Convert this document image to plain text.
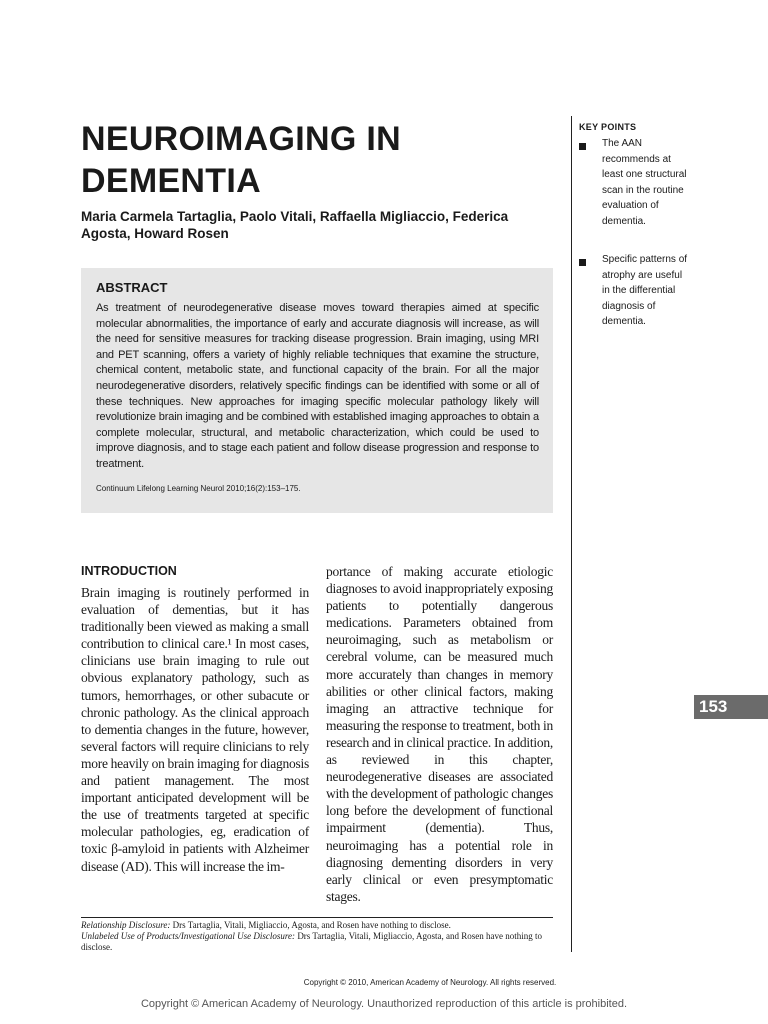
NEUROIMAGING IN DEMENTIA
Maria Carmela Tartaglia, Paolo Vitali, Raffaella Migliaccio, Federica Agosta, Howard Rosen
ABSTRACT
As treatment of neurodegenerative disease moves toward therapies aimed at specific molecular abnormalities, the importance of early and accurate diagnosis will increase, as will the need for sensitive measures for tracking disease progression. Brain imaging, using MRI and PET scanning, offers a variety of highly reliable techniques that examine the structure, chemical content, metabolic state, and functional capacity of the brain. For all the major neurodegenerative disorders, relatively specific findings can be identified with some or all of these techniques. New approaches for imaging specific molecular pathology likely will revolutionize brain imaging and be combined with established imaging approaches to obtain a complete molecular, structural, and metabolic characterization, which could be used to improve diagnosis, and to stage each patient and follow disease progression and response to treatment.
Continuum Lifelong Learning Neurol 2010;16(2):153–175.
KEY POINTS
The AAN recommends at least one structural scan in the routine evaluation of dementia.
Specific patterns of atrophy are useful in the differential diagnosis of dementia.
153
INTRODUCTION
Brain imaging is routinely performed in evaluation of dementias, but it has traditionally been viewed as making a small contribution to clinical care.¹ In most cases, clinicians use brain imaging to rule out obvious explanatory pathology, such as tumors, hemorrhages, or other subacute or chronic pathology. As the clinical approach to dementia changes in the future, however, several factors will require clinicians to rely more heavily on brain imaging for diagnosis and patient management. The most important anticipated development will be the use of treatments targeted at specific molecular pathologies, eg, eradication of toxic β-amyloid in patients with Alzheimer disease (AD). This will increase the im-
portance of making accurate etiologic diagnoses to avoid inappropriately exposing patients to potentially dangerous medications. Parameters obtained from neuroimaging, such as metabolism or cerebral volume, can be measured much more accurately than changes in memory abilities or other clinical factors, making imaging an attractive technique for measuring the response to treatment, both in research and in clinical practice. In addition, as reviewed in this chapter, neurodegenerative diseases are associated with the development of pathologic changes long before the development of functional impairment (dementia). Thus, neuroimaging has a potential role in diagnosing dementing disorders in very early clinical or even presymptomatic stages.
Relationship Disclosure: Drs Tartaglia, Vitali, Migliaccio, Agosta, and Rosen have nothing to disclose.
Unlabeled Use of Products/Investigational Use Disclosure: Drs Tartaglia, Vitali, Migliaccio, Agosta, and Rosen have nothing to disclose.
Copyright © 2010, American Academy of Neurology. All rights reserved.
Copyright © American Academy of Neurology. Unauthorized reproduction of this article is prohibited.
